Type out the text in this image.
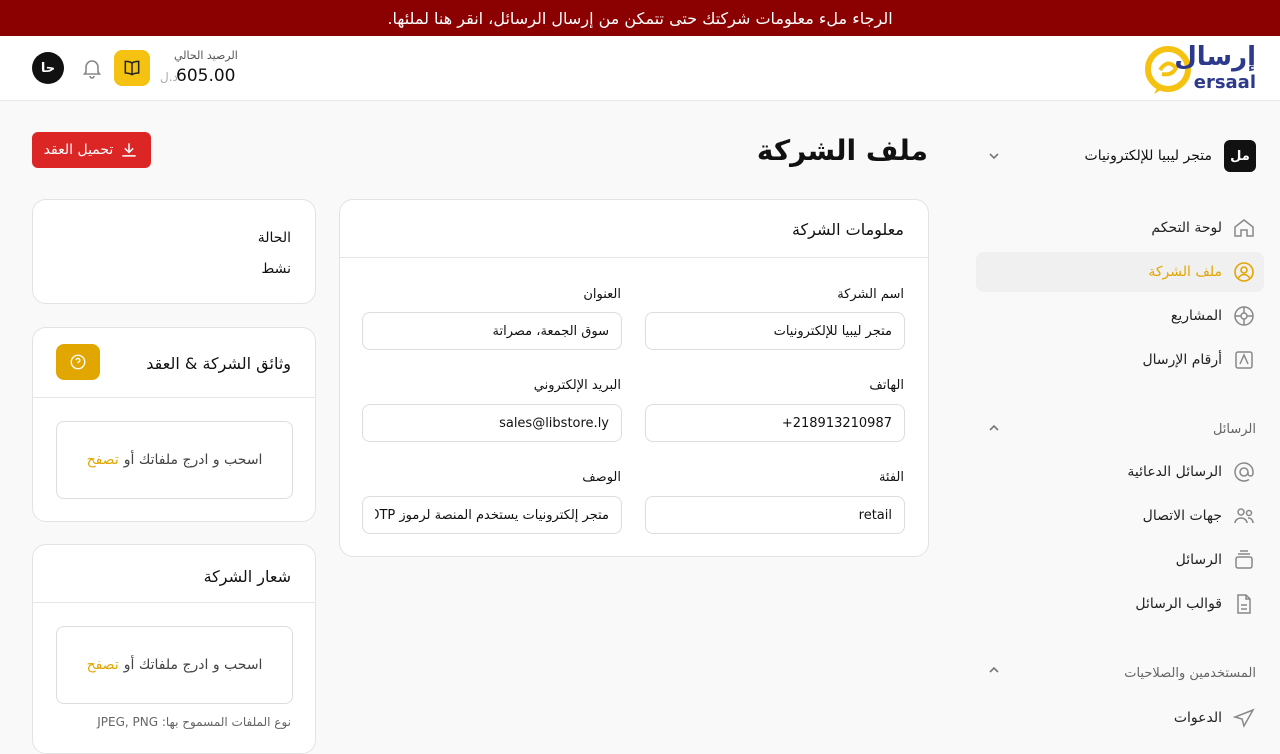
الرجاء ملء معلومات شركتك حتى تتمكن من إرسال الرسائل، انقر هنا لملئها.
إرسال
ersaal
حا
الرصيد الحالي
605.00
د.ل
مل
متجر ليبيا للإلكترونيات
لوحة التحكم
ملف الشركة
المشاريع
أرقام الإرسال
الرسائل
الرسائل الدعائية
جهات الاتصال
الرسائل
قوالب الرسائل
المستخدمين والصلاحيات
الدعوات
ملف الشركة
تحميل العقد
معلومات الشركة
اسم الشركة
متجر ليبيا للإلكترونيات
العنوان
سوق الجمعة، مصراتة
الهاتف
+218913210987
البريد الإلكتروني
sales@libstore.ly
الفئة
retail
الوصف
متجر إلكترونيات يستخدم المنصة لرموز OTP
الحالة
نشط
وثائق الشركة & العقد
اسحب و ادرج ملفاتك أو
تصفح
شعار الشركة
اسحب و ادرج ملفاتك أو
تصفح
نوع الملفات المسموح بها: JPEG, PNG
